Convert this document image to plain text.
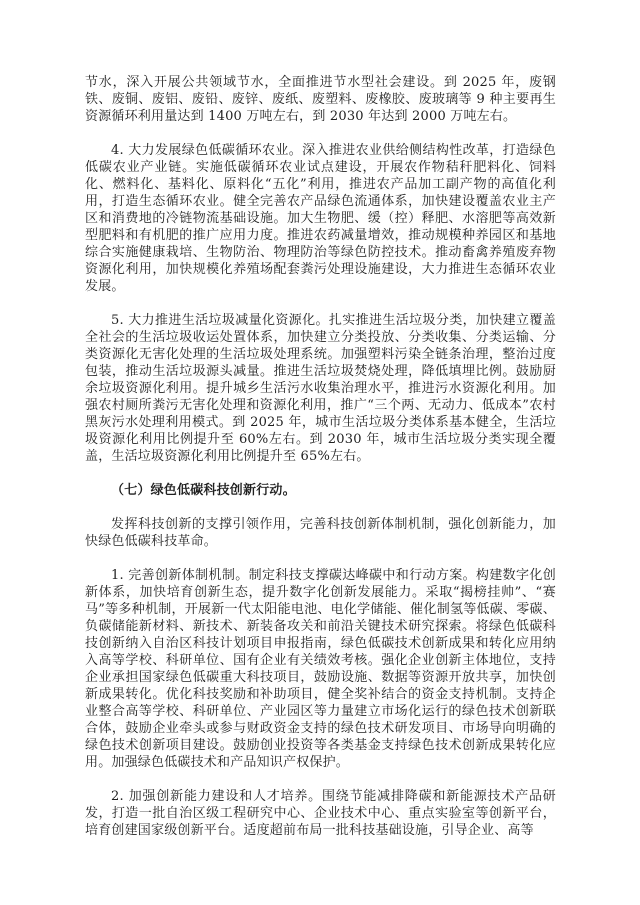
节水，深入开展公共领域节水，全面推进节水型社会建设。到 2025 年，废钢铁、废铜、废铝、废铅、废锌、废纸、废塑料、废橡胶、废玻璃等 9 种主要再生资源循环利用量达到 1400 万吨左右，到 2030 年达到 2000 万吨左右。

4. 大力发展绿色低碳循环农业。深入推进农业供给侧结构性改革，打造绿色低碳农业产业链。实施低碳循环农业试点建设，开展农作物秸秆肥料化、饲料化、燃料化、基料化、原料化“五化”利用，推进农产品加工副产物的高值化利用，打造生态循环农业。健全完善农产品绿色流通体系，加快建设覆盖农业主产区和消费地的冷链物流基础设施。加大生物肥、缓（控）释肥、水溶肥等高效新型肥料和有机肥的推广应用力度。推进农药减量增效，推动规模种养园区和基地综合实施健康栽培、生物防治、物理防治等绿色防控技术。推动畜禽养殖废弃物资源化利用，加快规模化养殖场配套粪污处理设施建设，大力推进生态循环农业发展。

5. 大力推进生活垃圾减量化资源化。扎实推进生活垃圾分类，加快建立覆盖全社会的生活垃圾收运处置体系，加快建立分类投放、分类收集、分类运输、分类资源化无害化处理的生活垃圾处理系统。加强塑料污染全链条治理，整治过度包装，推动生活垃圾源头减量。推进生活垃圾焚烧处理，降低填埋比例。鼓励厨余垃圾资源化利用。提升城乡生活污水收集治理水平，推进污水资源化利用。加强农村厕所粪污无害化处理和资源化利用，推广“三个两、无动力、低成本”农村黑灰污水处理利用模式。到 2025 年，城市生活垃圾分类体系基本健全，生活垃圾资源化利用比例提升至 60%左右。到 2030 年，城市生活垃圾分类实现全覆盖，生活垃圾资源化利用比例提升至 65%左右。

（七）绿色低碳科技创新行动。

发挥科技创新的支撑引领作用，完善科技创新体制机制，强化创新能力，加快绿色低碳科技革命。

1. 完善创新体制机制。制定科技支撑碳达峰碳中和行动方案。构建数字化创新体系，加快培育创新生态，提升数字化创新发展能力。采取“揭榜挂帅”、“赛马”等多种机制，开展新一代太阳能电池、电化学储能、催化制氢等低碳、零碳、负碳储能新材料、新技术、新装备攻关和前沿关键技术研究探索。将绿色低碳科技创新纳入自治区科技计划项目申报指南，绿色低碳技术创新成果和转化应用纳入高等学校、科研单位、国有企业有关绩效考核。强化企业创新主体地位，支持企业承担国家绿色低碳重大科技项目，鼓励设施、数据等资源开放共享，加快创新成果转化。优化科技奖励和补助项目，健全奖补结合的资金支持机制。支持企业整合高等学校、科研单位、产业园区等力量建立市场化运行的绿色技术创新联合体，鼓励企业牵头或参与财政资金支持的绿色技术研发项目、市场导向明确的绿色技术创新项目建设。鼓励创业投资等各类基金支持绿色技术创新成果转化应用。加强绿色低碳技术和产品知识产权保护。

2. 加强创新能力建设和人才培养。围绕节能减排降碳和新能源技术产品研发，打造一批自治区级工程研究中心、企业技术中心、重点实验室等创新平台，培育创建国家级创新平台。适度超前布局一批科技基础设施，引导企业、高等
